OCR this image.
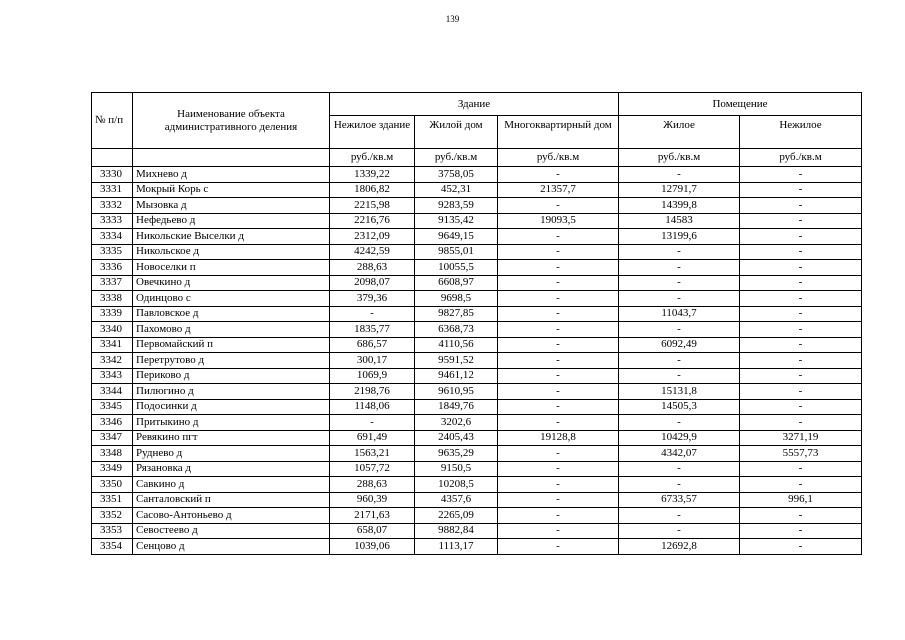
139
№ п/п	Наименование объекта административного деления	Здание			Помещение	
		Нежилое здание	Жилой дом	Многоквартирный дом	Жилое	Нежилое
		руб./кв.м	руб./кв.м	руб./кв.м	руб./кв.м	руб./кв.м
3330	Михнево д	1339,22	3758,05	-	-	-
3331	Мокрый Корь с	1806,82	452,31	21357,7	12791,7	-
3332	Мызовка д	2215,98	9283,59	-	14399,8	-
3333	Нефедьево д	2216,76	9135,42	19093,5	14583	-
3334	Никольские Выселки д	2312,09	9649,15	-	13199,6	-
3335	Никольское д	4242,59	9855,01	-	-	-
3336	Новоселки п	288,63	10055,5	-	-	-
3337	Овечкино д	2098,07	6608,97	-	-	-
3338	Одинцово с	379,36	9698,5	-	-	-
3339	Павловское д	-	9827,85	-	11043,7	-
3340	Пахомово д	1835,77	6368,73	-	-	-
3341	Первомайский п	686,57	4110,56	-	6092,49	-
3342	Перетрутово д	300,17	9591,52	-	-	-
3343	Периково д	1069,9	9461,12	-	-	-
3344	Пилюгино д	2198,76	9610,95	-	15131,8	-
3345	Подосинки д	1148,06	1849,76	-	14505,3	-
3346	Притыкино д	-	3202,6	-	-	-
3347	Ревякино пгт	691,49	2405,43	19128,8	10429,9	3271,19
3348	Руднево д	1563,21	9635,29	-	4342,07	5557,73
3349	Рязановка д	1057,72	9150,5	-	-	-
3350	Савкино д	288,63	10208,5	-	-	-
3351	Санталовский п	960,39	4357,6	-	6733,57	996,1
3352	Сасово-Антоньево д	2171,63	2265,09	-	-	-
3353	Севостеево д	658,07	9882,84	-	-	-
3354	Сенцово д	1039,06	1113,17	-	12692,8	-
